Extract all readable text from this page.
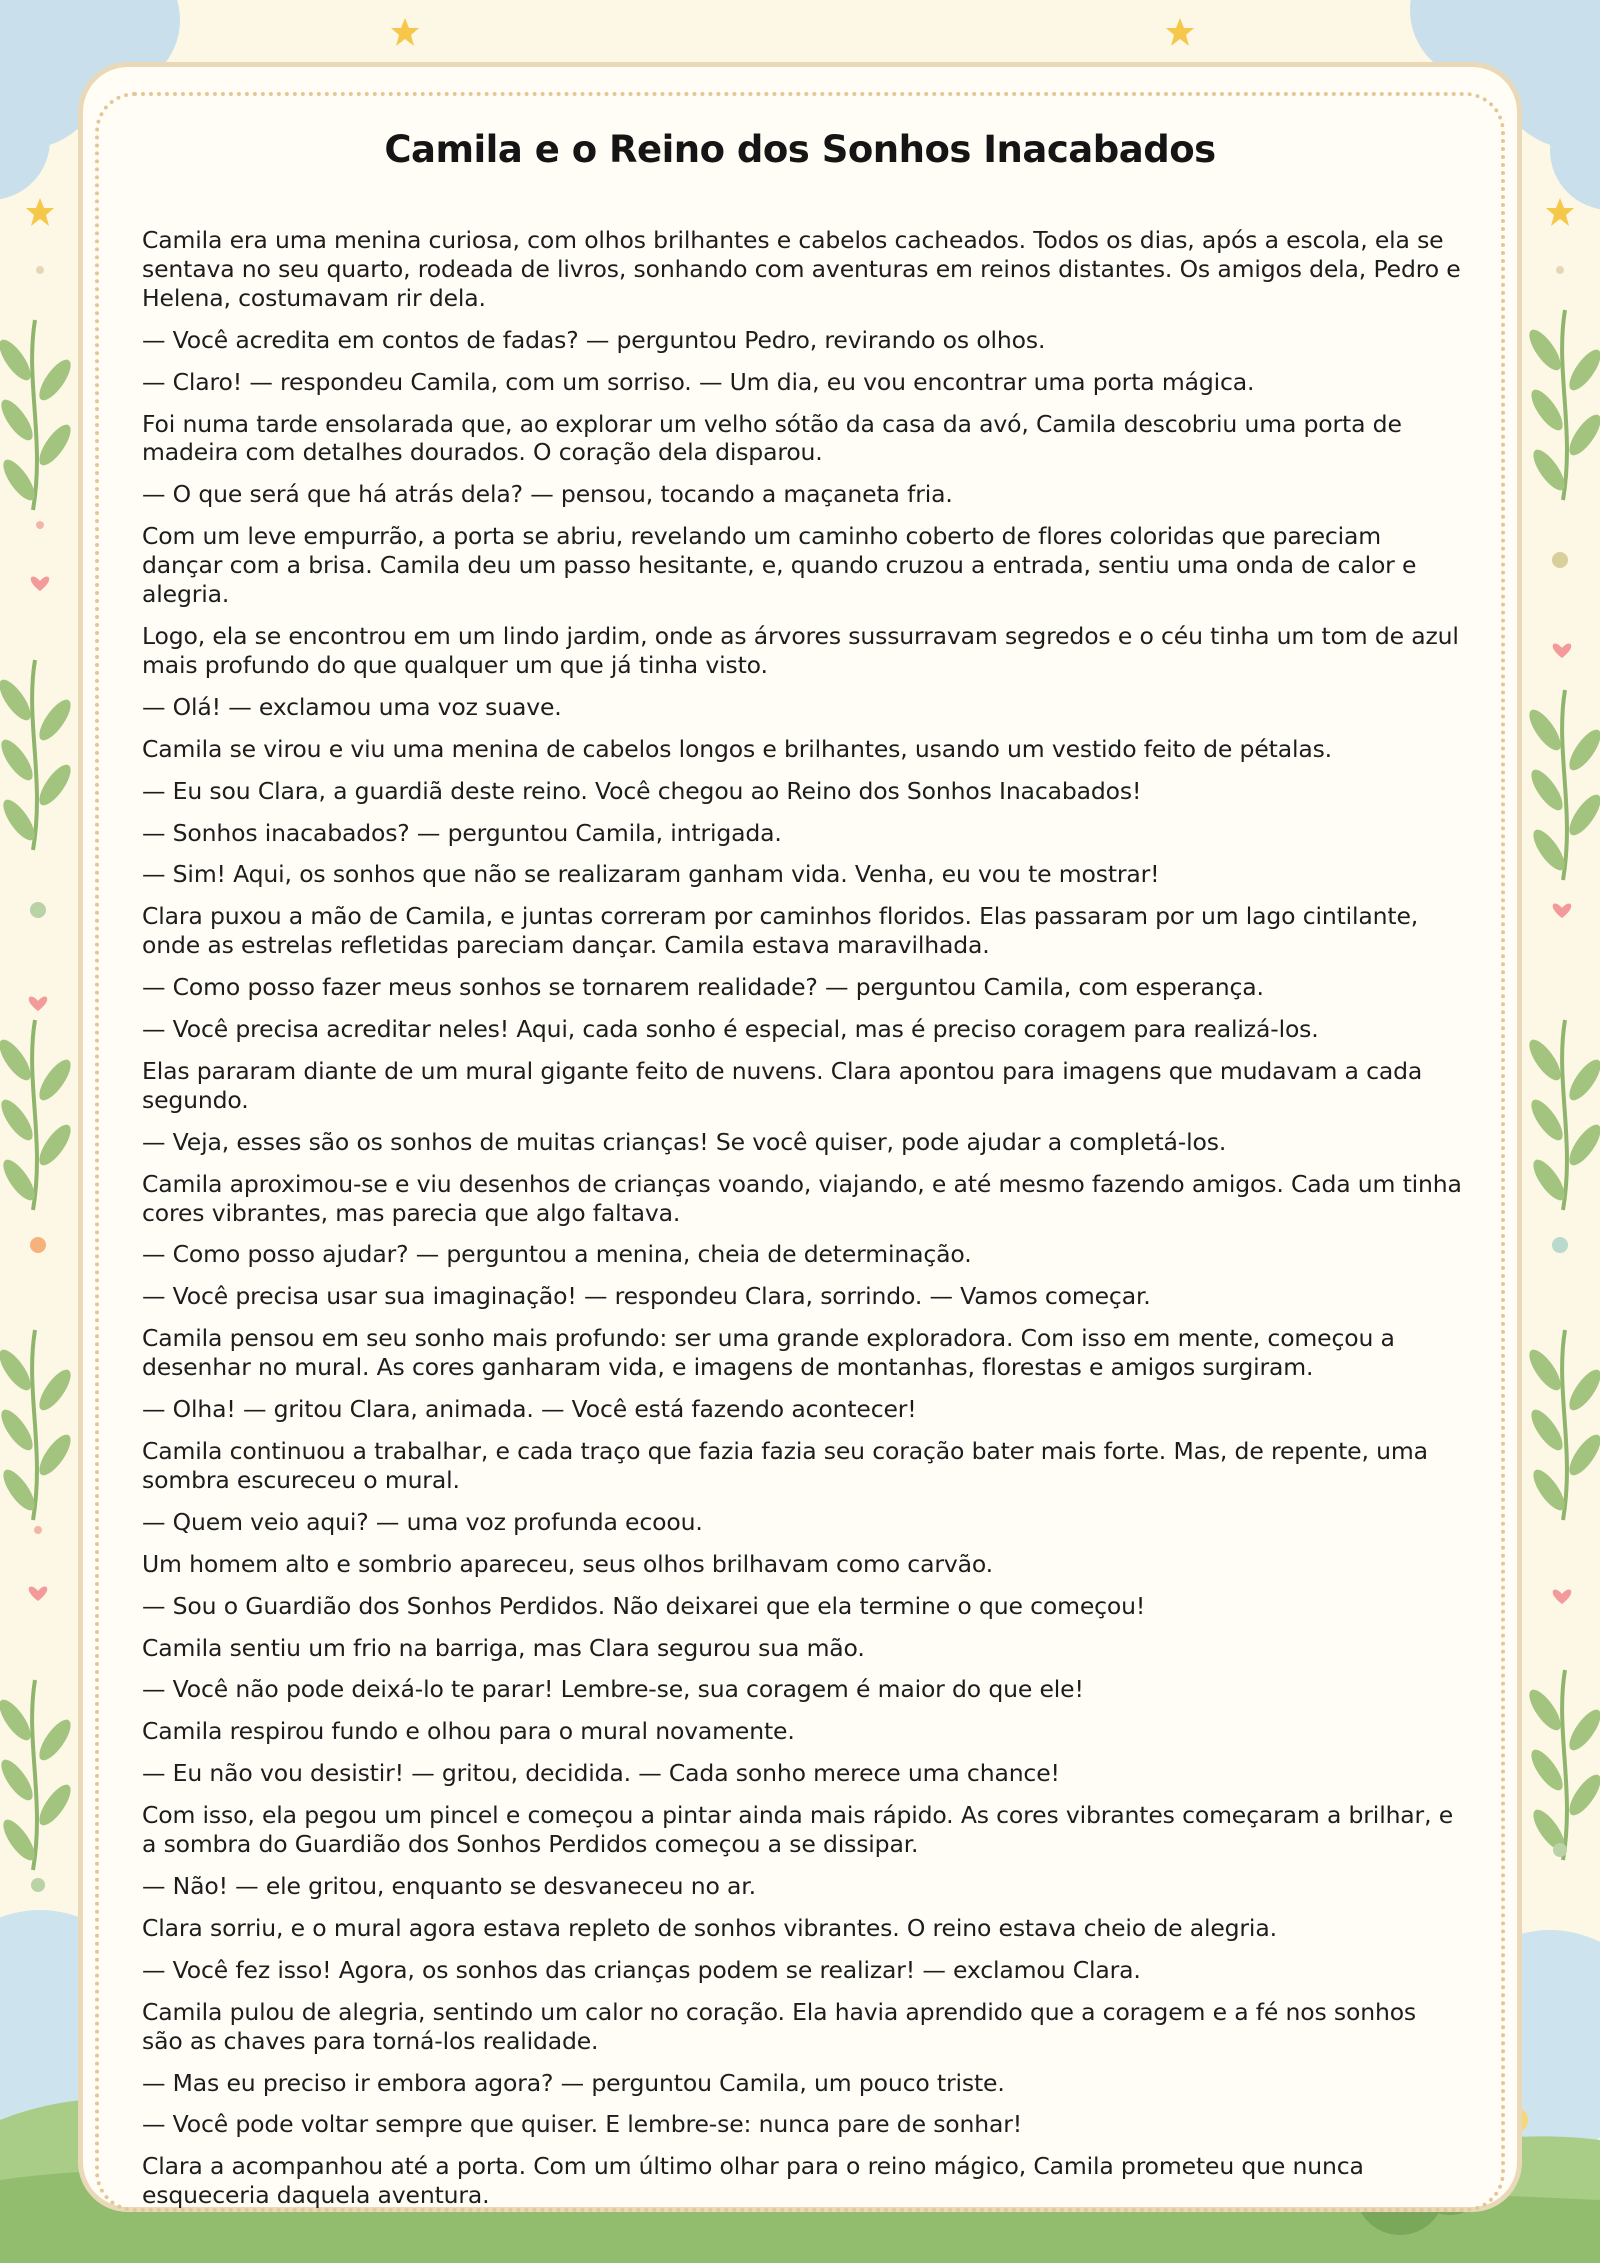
Camila e o Reino dos Sonhos Inacabados

Camila era uma menina curiosa, com olhos brilhantes e cabelos cacheados. Todos os dias, após a escola, ela se sentava no seu quarto, rodeada de livros, sonhando com aventuras em reinos distantes. Os amigos dela, Pedro e Helena, costumavam rir dela.

— Você acredita em contos de fadas? — perguntou Pedro, revirando os olhos.

— Claro! — respondeu Camila, com um sorriso. — Um dia, eu vou encontrar uma porta mágica.

Foi numa tarde ensolarada que, ao explorar um velho sótão da casa da avó, Camila descobriu uma porta de madeira com detalhes dourados. O coração dela disparou.

— O que será que há atrás dela? — pensou, tocando a maçaneta fria.

Com um leve empurrão, a porta se abriu, revelando um caminho coberto de flores coloridas que pareciam dançar com a brisa. Camila deu um passo hesitante, e, quando cruzou a entrada, sentiu uma onda de calor e alegria.

Logo, ela se encontrou em um lindo jardim, onde as árvores sussurravam segredos e o céu tinha um tom de azul mais profundo do que qualquer um que já tinha visto.

— Olá! — exclamou uma voz suave.

Camila se virou e viu uma menina de cabelos longos e brilhantes, usando um vestido feito de pétalas.

— Eu sou Clara, a guardiã deste reino. Você chegou ao Reino dos Sonhos Inacabados!

— Sonhos inacabados? — perguntou Camila, intrigada.

— Sim! Aqui, os sonhos que não se realizaram ganham vida. Venha, eu vou te mostrar!

Clara puxou a mão de Camila, e juntas correram por caminhos floridos. Elas passaram por um lago cintilante, onde as estrelas refletidas pareciam dançar. Camila estava maravilhada.

— Como posso fazer meus sonhos se tornarem realidade? — perguntou Camila, com esperança.

— Você precisa acreditar neles! Aqui, cada sonho é especial, mas é preciso coragem para realizá-los.

Elas pararam diante de um mural gigante feito de nuvens. Clara apontou para imagens que mudavam a cada segundo.

— Veja, esses são os sonhos de muitas crianças! Se você quiser, pode ajudar a completá-los.

Camila aproximou-se e viu desenhos de crianças voando, viajando, e até mesmo fazendo amigos. Cada um tinha cores vibrantes, mas parecia que algo faltava.

— Como posso ajudar? — perguntou a menina, cheia de determinação.

— Você precisa usar sua imaginação! — respondeu Clara, sorrindo. — Vamos começar.

Camila pensou em seu sonho mais profundo: ser uma grande exploradora. Com isso em mente, começou a desenhar no mural. As cores ganharam vida, e imagens de montanhas, florestas e amigos surgiram.

— Olha! — gritou Clara, animada. — Você está fazendo acontecer!

Camila continuou a trabalhar, e cada traço que fazia fazia seu coração bater mais forte. Mas, de repente, uma sombra escureceu o mural.

— Quem veio aqui? — uma voz profunda ecoou.

Um homem alto e sombrio apareceu, seus olhos brilhavam como carvão.

— Sou o Guardião dos Sonhos Perdidos. Não deixarei que ela termine o que começou!

Camila sentiu um frio na barriga, mas Clara segurou sua mão.

— Você não pode deixá-lo te parar! Lembre-se, sua coragem é maior do que ele!

Camila respirou fundo e olhou para o mural novamente.

— Eu não vou desistir! — gritou, decidida. — Cada sonho merece uma chance!

Com isso, ela pegou um pincel e começou a pintar ainda mais rápido. As cores vibrantes começaram a brilhar, e a sombra do Guardião dos Sonhos Perdidos começou a se dissipar.

— Não! — ele gritou, enquanto se desvaneceu no ar.

Clara sorriu, e o mural agora estava repleto de sonhos vibrantes. O reino estava cheio de alegria.

— Você fez isso! Agora, os sonhos das crianças podem se realizar! — exclamou Clara.

Camila pulou de alegria, sentindo um calor no coração. Ela havia aprendido que a coragem e a fé nos sonhos são as chaves para torná-los realidade.

— Mas eu preciso ir embora agora? — perguntou Camila, um pouco triste.

— Você pode voltar sempre que quiser. E lembre-se: nunca pare de sonhar!

Clara a acompanhou até a porta. Com um último olhar para o reino mágico, Camila prometeu que nunca esqueceria daquela aventura.
